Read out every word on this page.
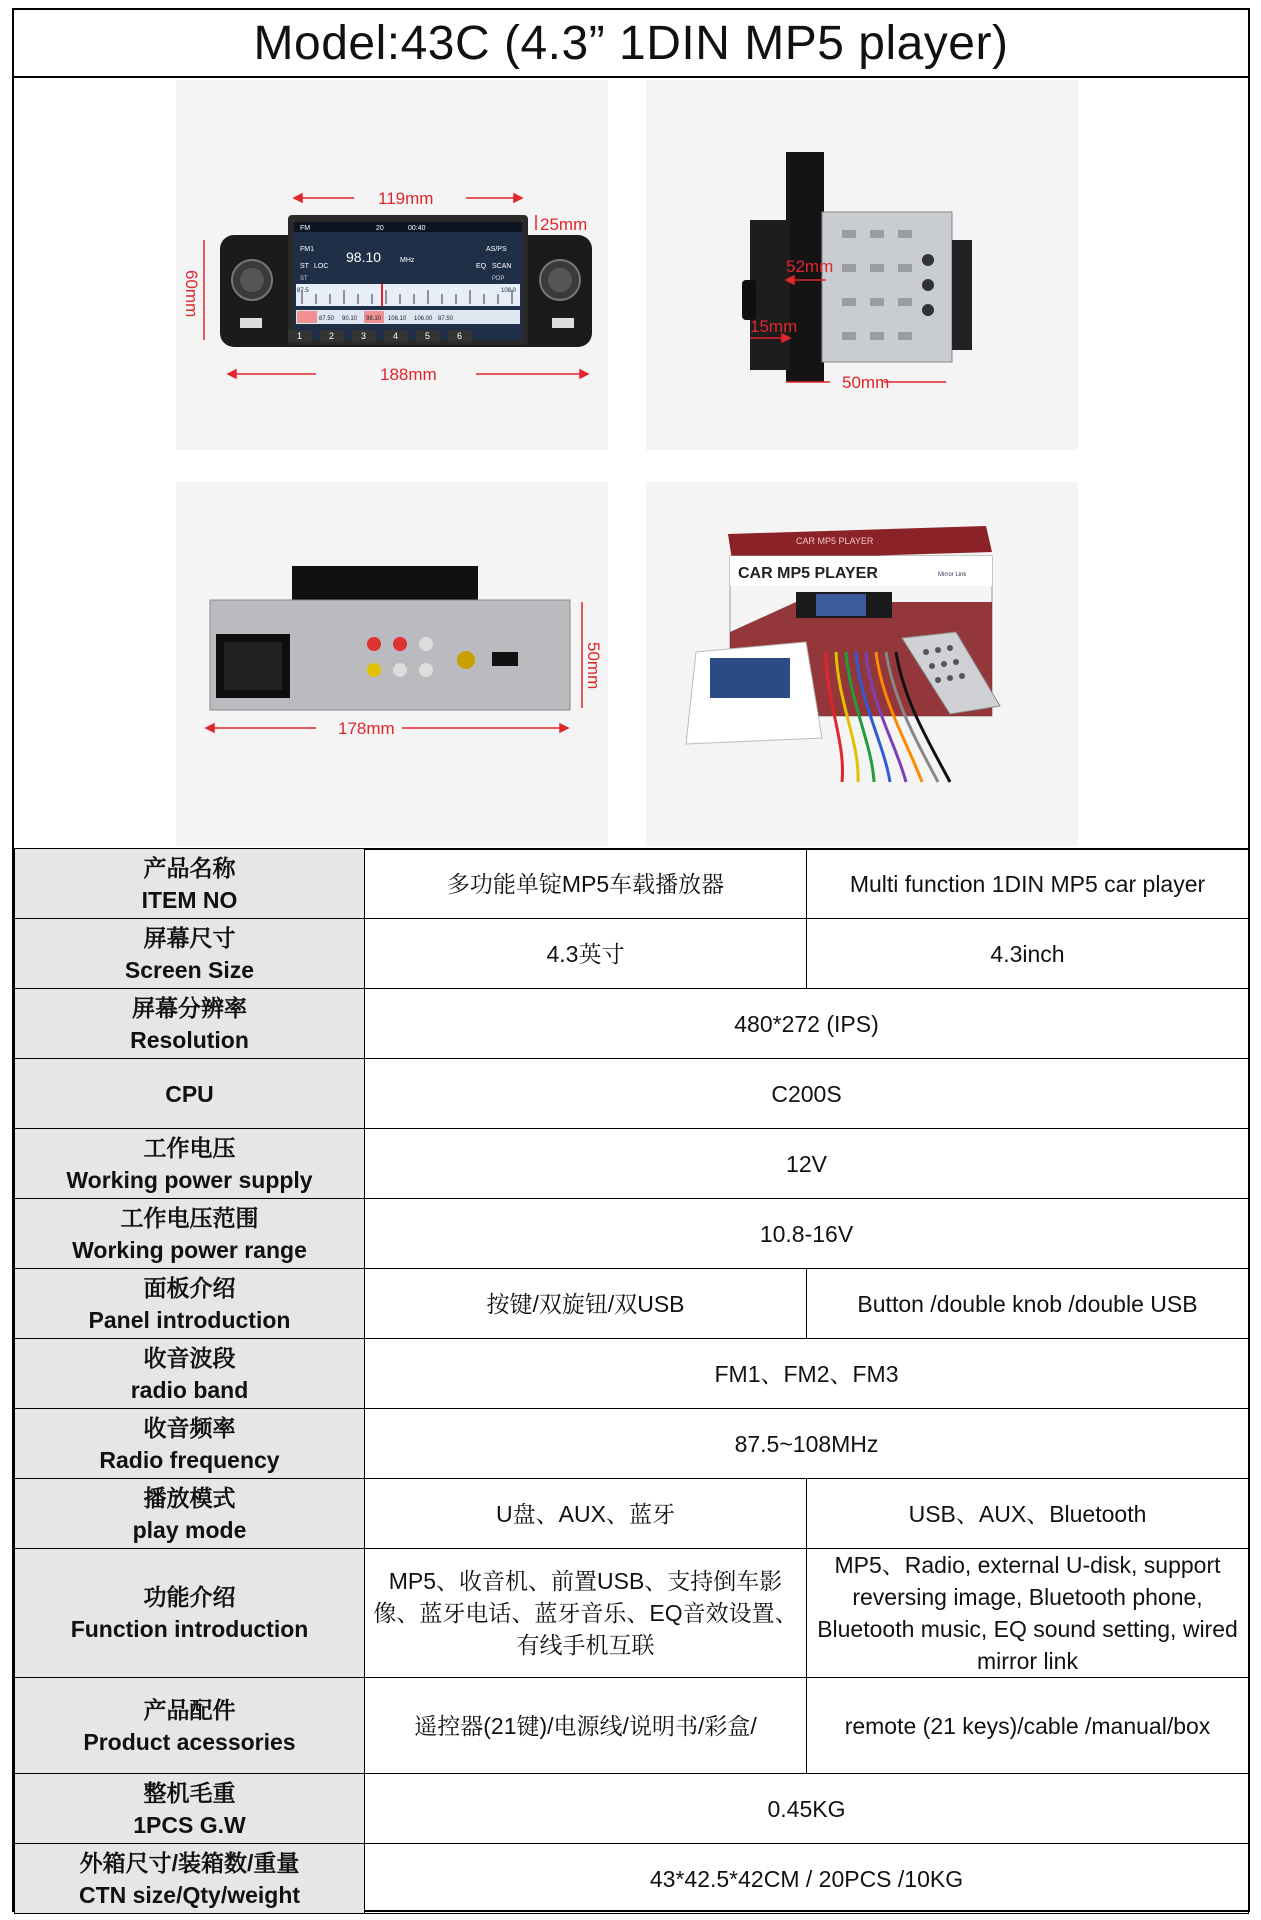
Model:43C (4.3” 1DIN MP5 player)
FM	20	00:40
FM1 98.10	MHz
AS/PS
ST LOC	EQ SCAN
ST	PDP
87.5	108.0
87.50 90.10 98.10 106.10 106.00 87.50
1	2	3	4	5	6
119mm
25mm
60mm
188mm
52mm
15mm
50mm
178mm
50mm
CAR MP5 PLAYER
CAR MP5 PLAYER	Mirror Link
产品名称
ITEM NO	多功能单锭MP5车载播放器	Multi function 1DIN MP5 car player

屏幕尺寸
Screen Size	4.3英寸	4.3inch

屏幕分辨率
Resolution	480*272 (IPS)	

CPU	C200S	

工作电压
Working power supply	12V	

工作电压范围
Working power range	10.8-16V	

面板介绍
Panel introduction	按键/双旋钮/双USB	Button /double knob /double USB

收音波段
radio band	FM1、FM2、FM3	

收音频率
Radio frequency	87.5~108MHz	

播放模式
play mode	U盘、AUX、蓝牙	USB、AUX、Bluetooth

功能介绍
Function introduction	MP5、收音机、前置USB、支持倒车影像、蓝牙电话、蓝牙音乐、EQ音效设置、有线手机互联	MP5、Radio, external U-disk, support reversing image, Bluetooth phone, Bluetooth music, EQ sound setting, wired mirror link

产品配件
Product acessories	遥控器(21键)/电源线/说明书/彩盒/	remote (21 keys)/cable /manual/box

整机毛重
1PCS G.W	0.45KG	

外箱尺寸/装箱数/重量
CTN size/Qty/weight	43*42.5*42CM / 20PCS /10KG	
